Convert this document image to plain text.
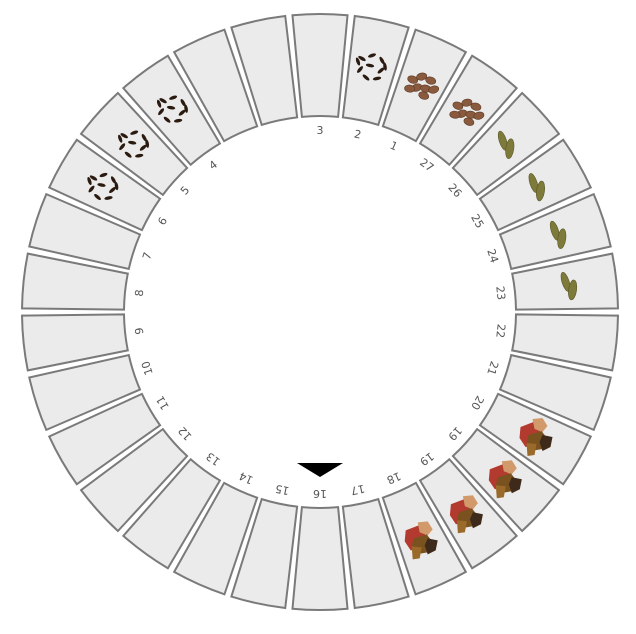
3	2
1
27
26
25
24
23
22
21
20
19
19
18
17
16
15
14
13
12
11
10
9
8
7
6
5
4
